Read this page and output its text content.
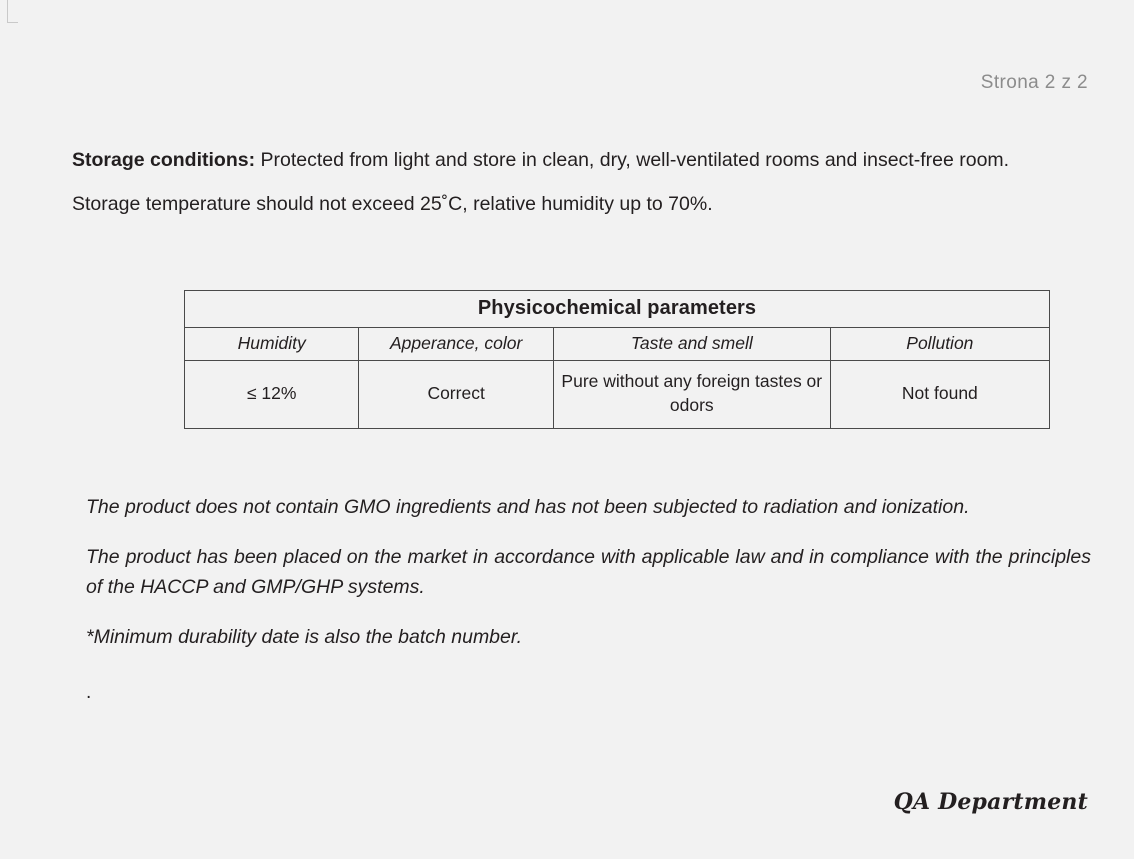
Strona 2 z 2
Storage conditions: Protected from light and store in clean, dry, well-ventilated rooms and insect-free room.
Storage temperature should not exceed 25˚C, relative humidity up to 70%.
Physicochemical parameters			
Humidity	Apperance, color	Taste and smell	Pollution
≤ 12%	Correct	Pure without any foreign tastes or odors	Not found
The product does not contain GMO ingredients and has not been subjected to radiation and ionization.
The product has been placed on the market in accordance with applicable law and in compliance with the principles of the HACCP and GMP/GHP systems.
*Minimum durability date is also the batch number.
.
QA Department
